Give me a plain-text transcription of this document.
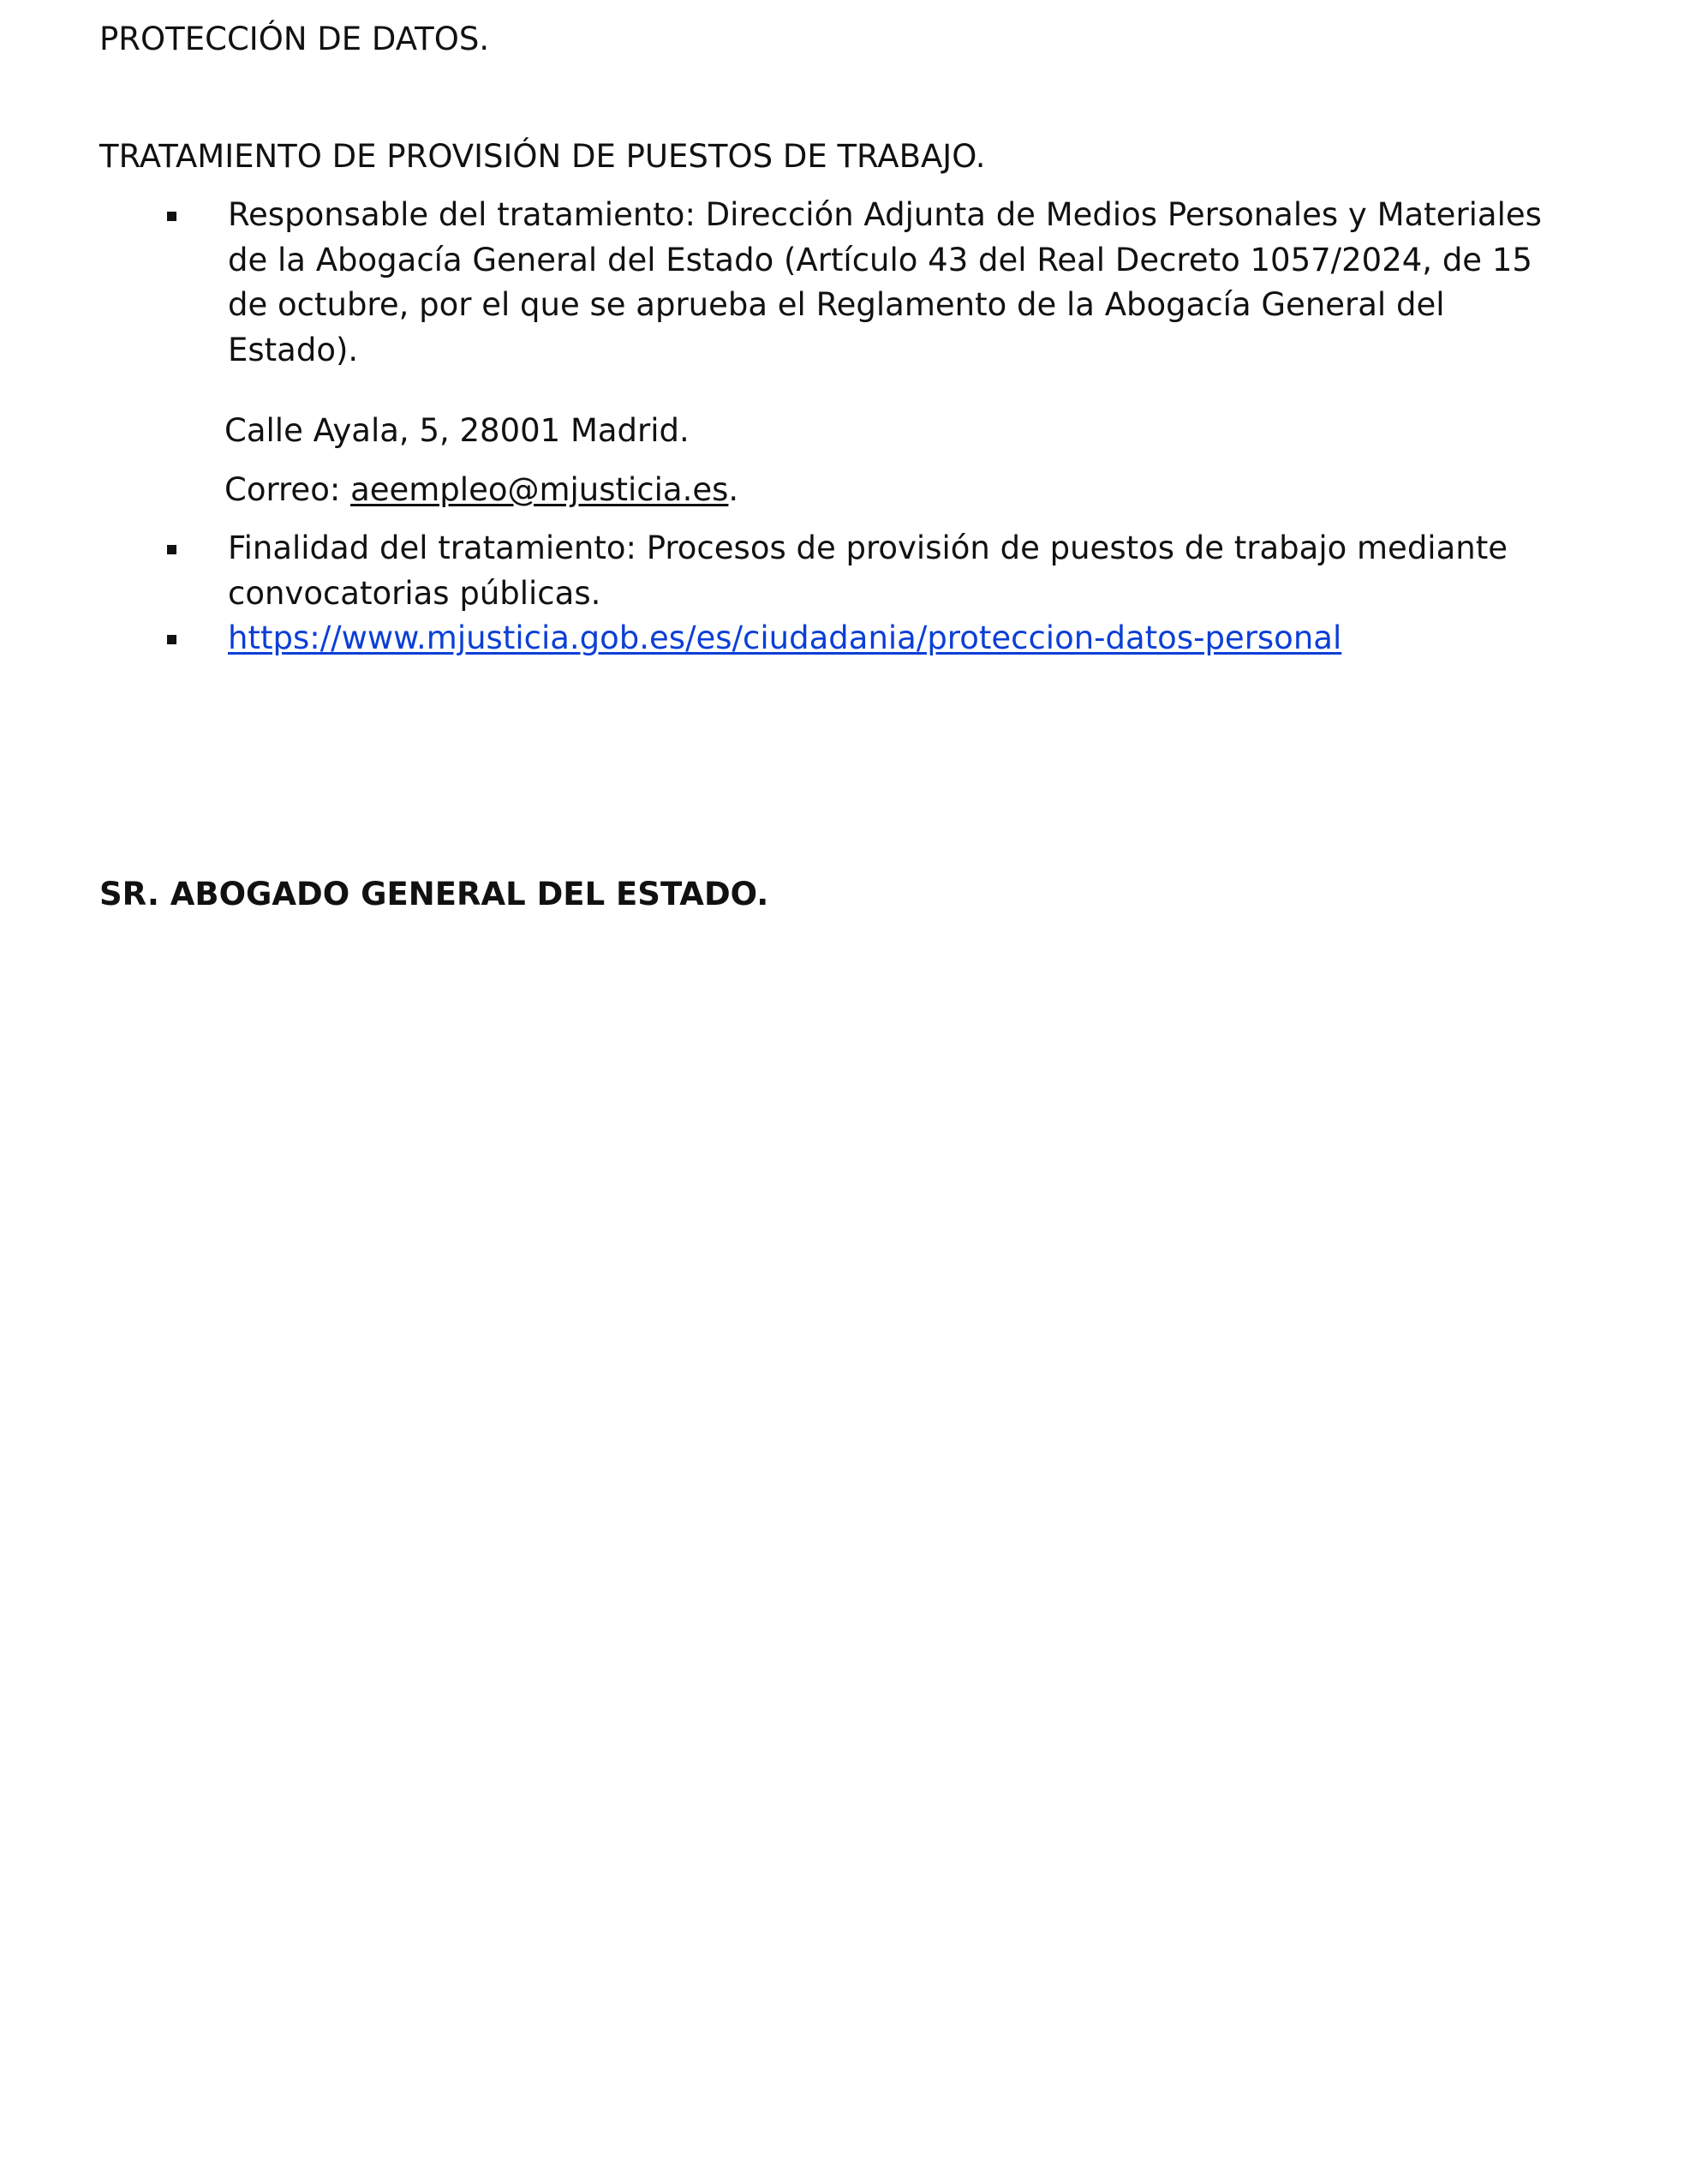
PROTECCIÓN DE DATOS.

TRATAMIENTO DE PROVISIÓN DE PUESTOS DE TRABAJO.

Responsable del tratamiento: Dirección Adjunta de Medios Personales y Materiales de la Abogacía General del Estado (Artículo 43 del Real Decreto 1057/2024, de 15 de octubre, por el que se aprueba el Reglamento de la Abogacía General del Estado).

Calle Ayala, 5, 28001 Madrid.

Correo: aeempleo@mjusticia.es.

Finalidad del tratamiento: Procesos de provisión de puestos de trabajo mediante convocatorias públicas.

https://www.mjusticia.gob.es/es/ciudadania/proteccion-datos-personal

SR. ABOGADO GENERAL DEL ESTADO.
